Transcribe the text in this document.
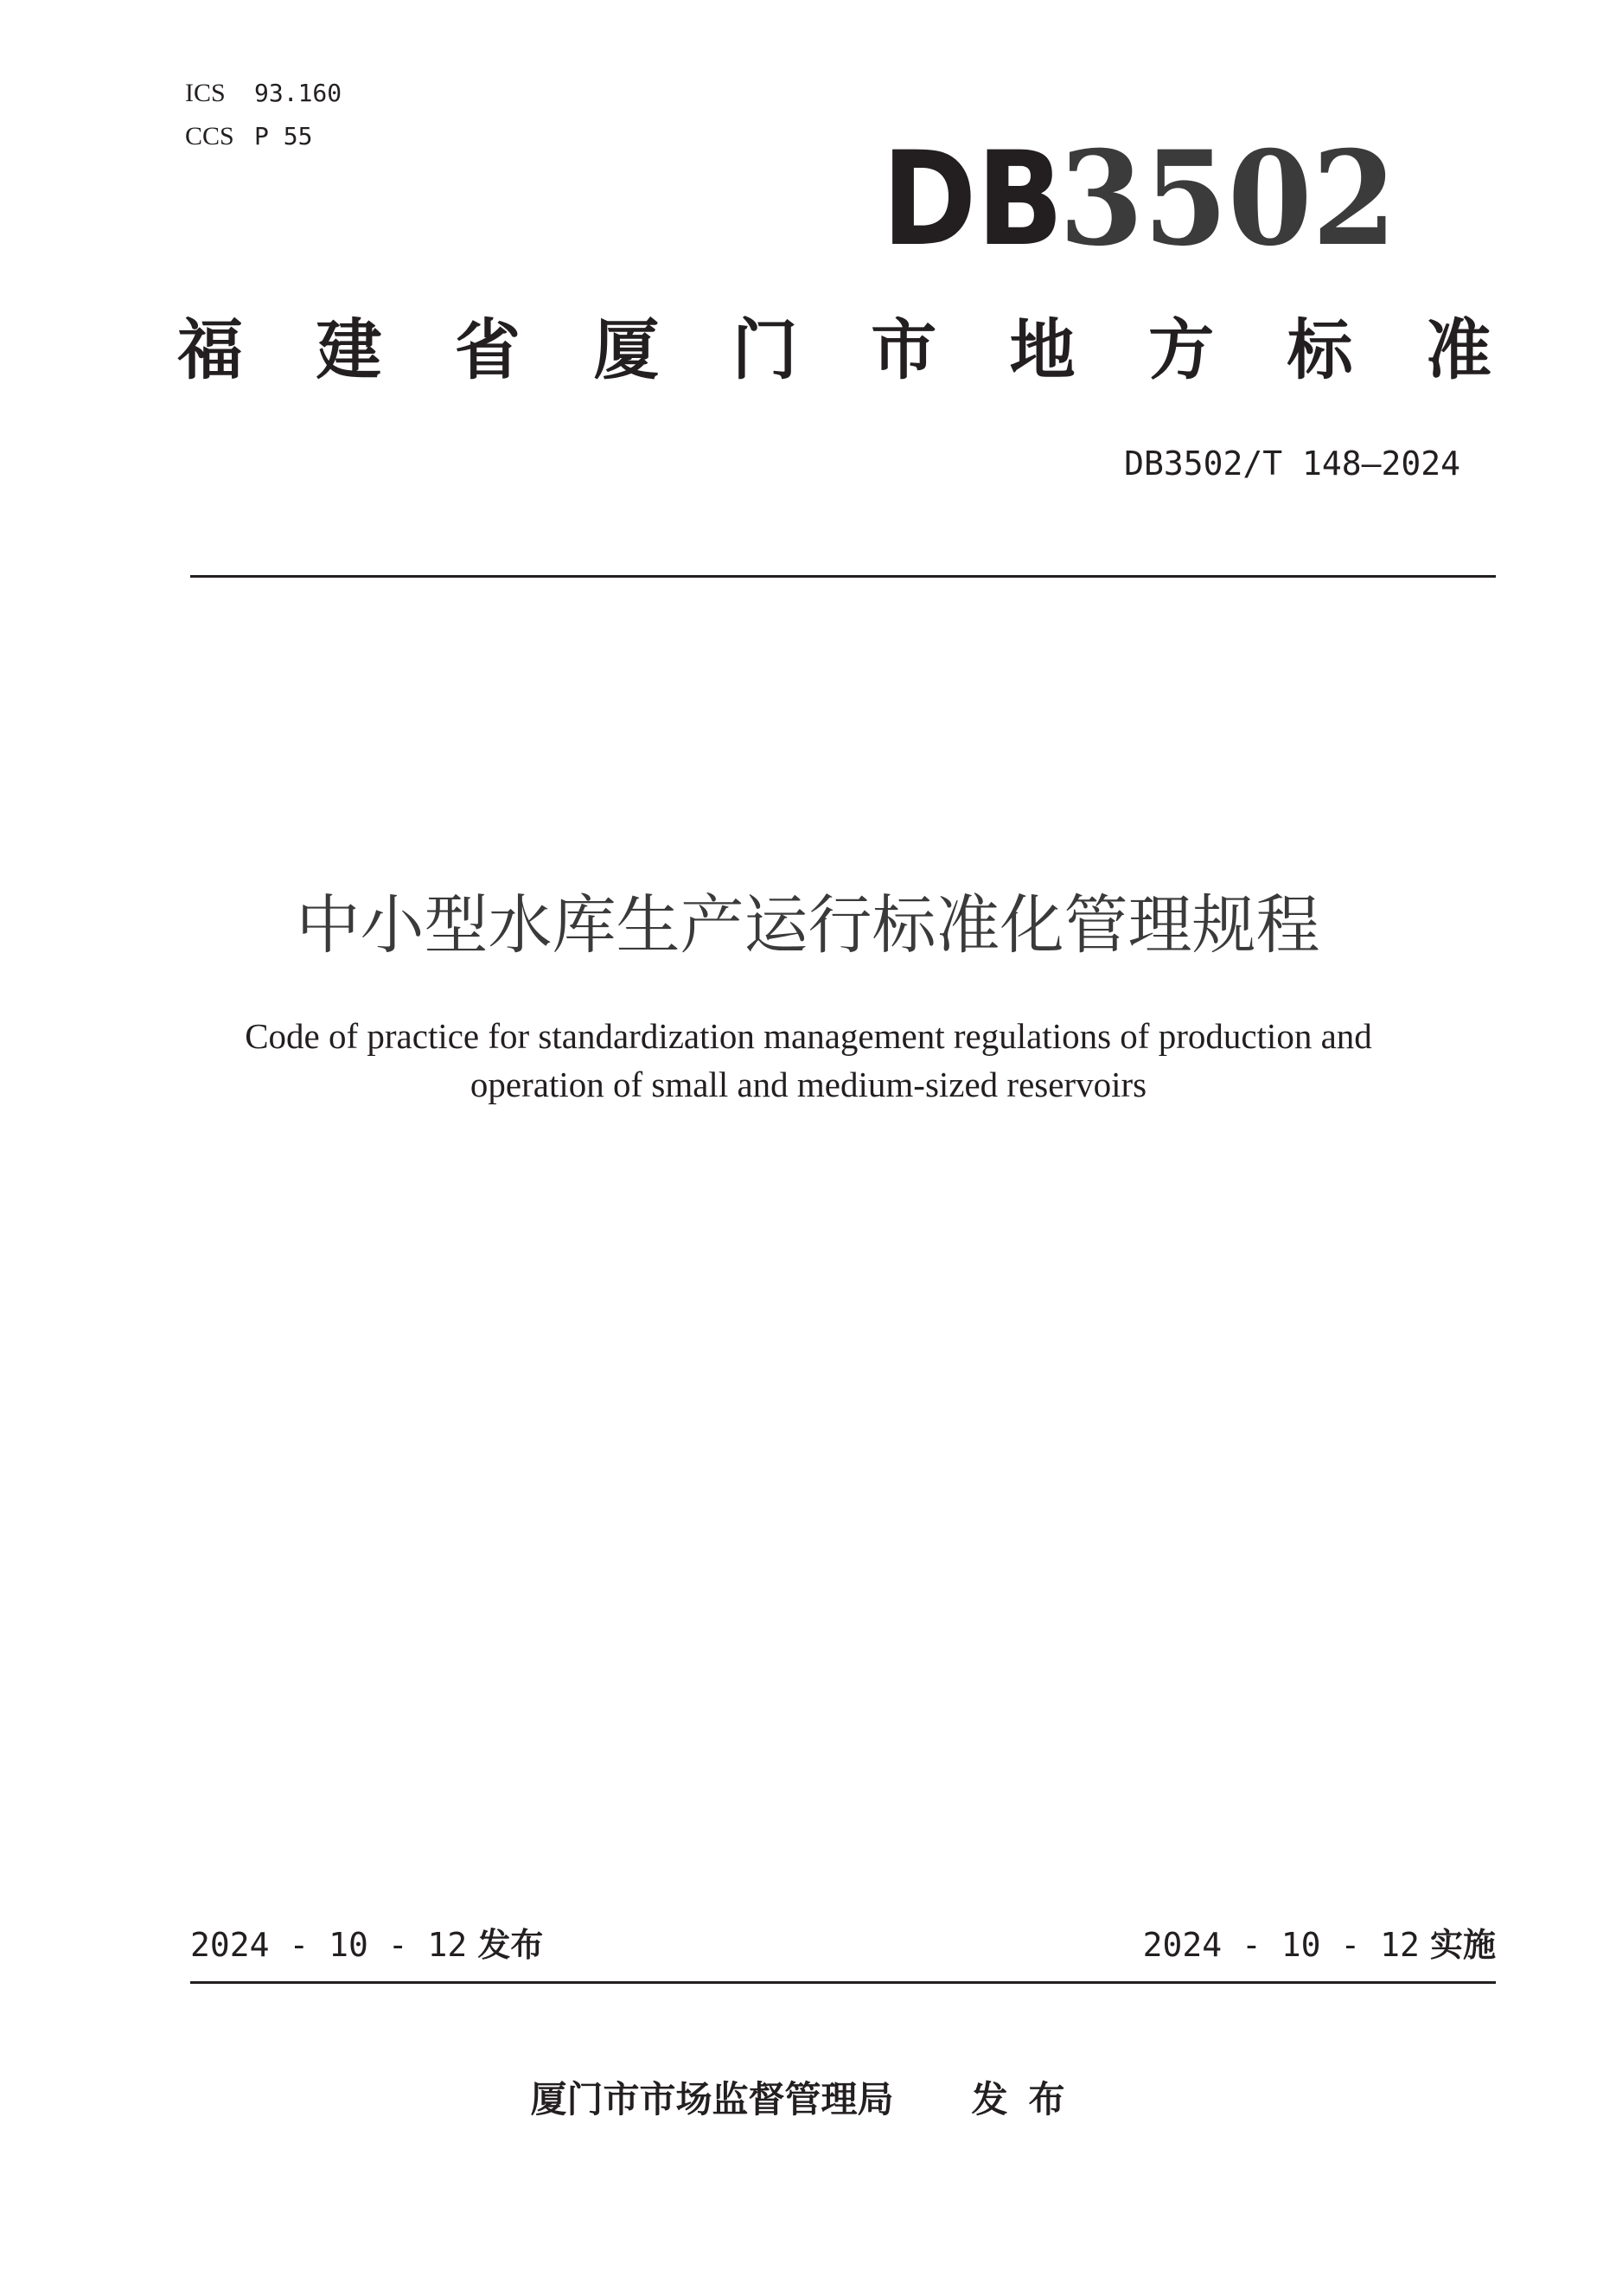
ICS 93.160
CCS P 55	DB
3502
福 建 省 厦 门 市 地 方 标 准
DB3502/T 148—2024
中小型水库生产运行标准化管理规程
Code of practice for standardization management regulations of production and
operation of small and medium-sized reservoirs
2024 - 10 - 12 发布	2024 - 10 - 12 实施
厦门市市场监督管理局 发布
